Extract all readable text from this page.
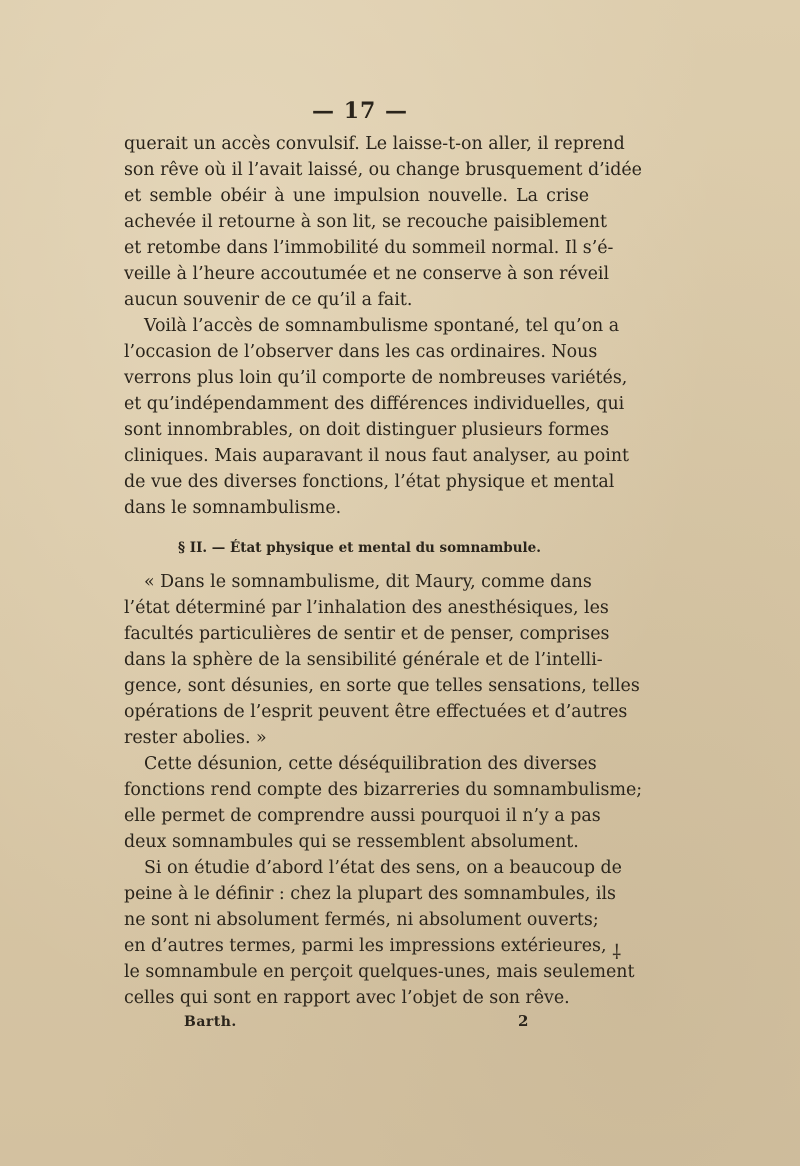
— 17 —
querait un accès convulsif. Le laisse-t-on aller, il reprend
son rêve où il l’avait laissé, ou change brusquement d’idée
et semble obéir à une impulsion nouvelle. La crise
achevée il retourne à son lit, se recouche paisiblement
et retombe dans l’immobilité du sommeil normal. Il s’é-
veille à l’heure accoutumée et ne conserve à son réveil
aucun souvenir de ce qu’il a fait.
Voilà l’accès de somnambulisme spontané, tel qu’on a
l’occasion de l’observer dans les cas ordinaires. Nous
verrons plus loin qu’il comporte de nombreuses variétés,
et qu’indépendamment des différences individuelles, qui
sont innombrables, on doit distinguer plusieurs formes
cliniques. Mais auparavant il nous faut analyser, au point
de vue des diverses fonctions, l’état physique et mental
dans le somnambulisme.
§ II. — État physique et mental du somnambule.
« Dans le somnambulisme, dit Maury, comme dans
l’état déterminé par l’inhalation des anesthésiques, les
facultés particulières de sentir et de penser, comprises
dans la sphère de la sensibilité générale et de l’intelli-
gence, sont désunies, en sorte que telles sensations, telles
opérations de l’esprit peuvent être effectuées et d’autres
rester abolies. »
Cette désunion, cette déséquilibration des diverses
fonctions rend compte des bizarreries du somnambulisme;
elle permet de comprendre aussi pourquoi il n’y a pas
deux somnambules qui se ressemblent absolument.
Si on étudie d’abord l’état des sens, on a beaucoup de
peine à le définir : chez la plupart des somnambules, ils
ne sont ni absolument fermés, ni absolument ouverts;
en d’autres termes, parmi les impressions extérieures,
le somnambule en perçoit quelques-unes, mais seulement
celles qui sont en rapport avec l’objet de son rêve.
Barth.	2
⸸
